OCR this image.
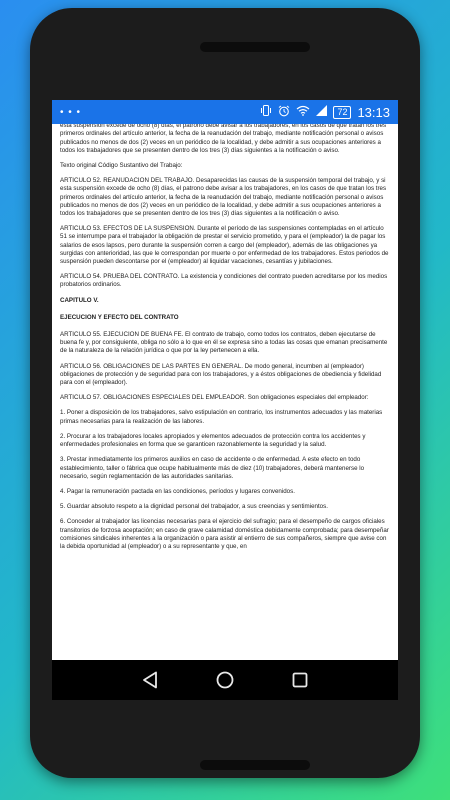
• • •	72 13:13

esta suspensión excede de ocho (8) días, el patrono debe avisar a los trabajadores, en los casos de que tratan los tres primeros ordinales del artículo anterior, la fecha de la reanudación del trabajo, mediante notificación personal o avisos publicados no menos de dos (2) veces en un periódico de la localidad, y debe admitir a sus ocupaciones anteriores a todos los trabajadores que se presenten dentro de los tres (3) días siguientes a la notificación o aviso.

Texto original Código Sustantivo del Trabajo:

ARTICULO 52. REANUDACION DEL TRABAJO. Desaparecidas las causas de la suspensión temporal del trabajo, y si esta suspensión excede de ocho (8) días, el patrono debe avisar a los trabajadores, en los casos de que tratan los tres primeros ordinales del artículo anterior, la fecha de la reanudación del trabajo, mediante notificación personal o avisos publicados no menos de dos (2) veces en un periódico de la localidad, y debe admitir a sus ocupaciones anteriores a todos los trabajadores que se presenten dentro de los tres (3) días siguientes a la notificación o aviso.

ARTICULO 53. EFECTOS DE LA SUSPENSION. Durante el período de las suspensiones contempladas en el artículo 51 se interrumpe para el trabajador la obligación de prestar el servicio prometido, y para el (empleador) la de pagar los salarios de esos lapsos, pero durante la suspensión corren a cargo del (empleador), además de las obligaciones ya surgidas con anterioridad, las que le correspondan por muerte o por enfermedad de los trabajadores. Estos periodos de suspensión pueden descontarse por el (empleador) al liquidar vacaciones, cesantías y jubilaciones.

ARTICULO 54. PRUEBA DEL CONTRATO. La existencia y condiciones del contrato pueden acreditarse por los medios probatorios ordinarios.

CAPITULO V.

EJECUCION Y EFECTO DEL CONTRATO

ARTICULO 55. EJECUCION DE BUENA FE. El contrato de trabajo, como todos los contratos, deben ejecutarse de buena fe y, por consiguiente, obliga no sólo a lo que en él se expresa sino a todas las cosas que emanan precisamente de la naturaleza de la relación jurídica o que por la ley pertenecen a ella.

ARTICULO 56. OBLIGACIONES DE LAS PARTES EN GENERAL. De modo general, incumben al (empleador) obligaciones de protección y de seguridad para con los trabajadores, y a éstos obligaciones de obediencia y fidelidad para con el (empleador).

ARTICULO 57. OBLIGACIONES ESPECIALES DEL EMPLEADOR. Son obligaciones especiales del empleador:

1. Poner a disposición de los trabajadores, salvo estipulación en contrario, los instrumentos adecuados y las materias primas necesarias para la realización de las labores.

2. Procurar a los trabajadores locales apropiados y elementos adecuados de protección contra los accidentes y enfermedades profesionales en forma que se garanticen razonablemente la seguridad y la salud.

3. Prestar inmediatamente los primeros auxilios en caso de accidente o de enfermedad. A este efecto en todo establecimiento, taller o fábrica que ocupe habitualmente más de diez (10) trabajadores, deberá mantenerse lo necesario, según reglamentación de las autoridades sanitarias.

4. Pagar la remuneración pactada en las condiciones, períodos y lugares convenidos.

5. Guardar absoluto respeto a la dignidad personal del trabajador, a sus creencias y sentimientos.

6. Conceder al trabajador las licencias necesarias para el ejercicio del sufragio; para el desempeño de cargos oficiales transitorios de forzosa aceptación; en caso de grave calamidad doméstica debidamente comprobada; para desempeñar comisiones sindicales inherentes a la organización o para asistir al entierro de sus compañeros, siempre que avise con la debida oportunidad al (empleador) o a su representante y que, en
